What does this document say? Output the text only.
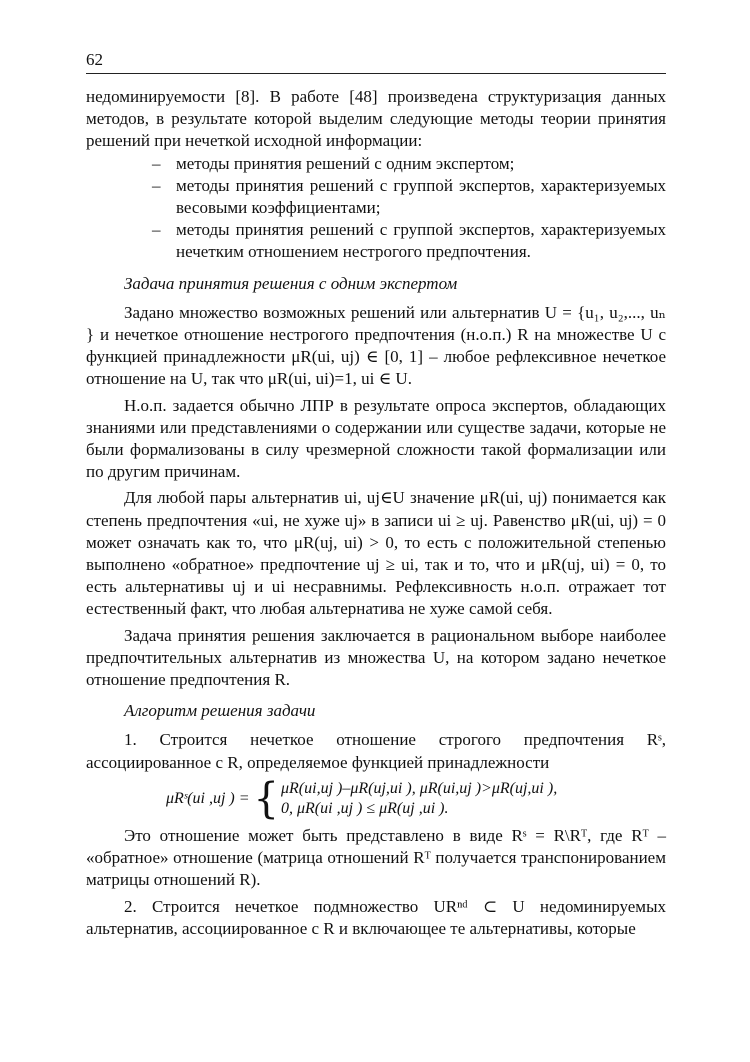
62

недоминируемости [8]. В работе [48] произведена структуризация данных методов, в результате которой выделим следующие методы теории принятия решений при нечеткой исходной информации:

– методы принятия решений с одним экспертом;
– методы принятия решений с группой экспертов, характеризуемых весовыми коэффициентами;
– методы принятия решений с группой экспертов, характеризуемых нечетким отношением нестрогого предпочтения.

Задача принятия решения с одним экспертом

Задано множество возможных решений или альтернатив U = {u₁, u₂,..., uₙ } и нечеткое отношение нестрогого предпочтения (н.о.п.) R на множестве U с функцией принадлежности μR(ui, uj) ∈ [0, 1] – любое рефлексивное нечеткое отношение на U, так что μR(ui, ui)=1, ui ∈ U.

Н.о.п. задается обычно ЛПР в результате опроса экспертов, обладающих знаниями или представлениями о содержании или существе задачи, которые не были формализованы в силу чрезмерной сложности такой формализации или по другим причинам.

Для любой пары альтернатив ui, uj∈U значение μR(ui, uj) понимается как степень предпочтения «ui, не хуже uj» в записи ui ≥ uj. Равенство μR(ui, uj) = 0 может означать как то, что μR(uj, ui) > 0, то есть с положительной степенью выполнено «обратное» предпочтение uj ≥ ui, так и то, что и μR(uj, ui) = 0, то есть альтернативы uj и ui несравнимы. Рефлексивность н.о.п. отражает тот естественный факт, что любая альтернатива не хуже самой себя.

Задача принятия решения заключается в рациональном выборе наиболее предпочтительных альтернатив из множества U, на котором задано нечеткое отношение предпочтения R.

Алгоритм решения задачи

1. Строится нечеткое отношение строгого предпочтения Rˢ, ассоциированное с R, определяемое функцией принадлежности

μRˢ(ui ,uj ) = { μR(ui,uj )–μR(uj,ui ), μR(ui,uj )>μR(uj,ui ),
0, μR(ui ,uj ) ≤ μR(uj ,ui ).

Это отношение может быть представлено в виде Rˢ = R\Rᵀ, где Rᵀ – «обратное» отношение (матрица отношений Rᵀ получается транспонированием матрицы отношений R).

2. Строится нечеткое подмножество URⁿᵈ ⊂ U недоминируемых альтернатив, ассоциированное с R и включающее те альтернативы, которые
